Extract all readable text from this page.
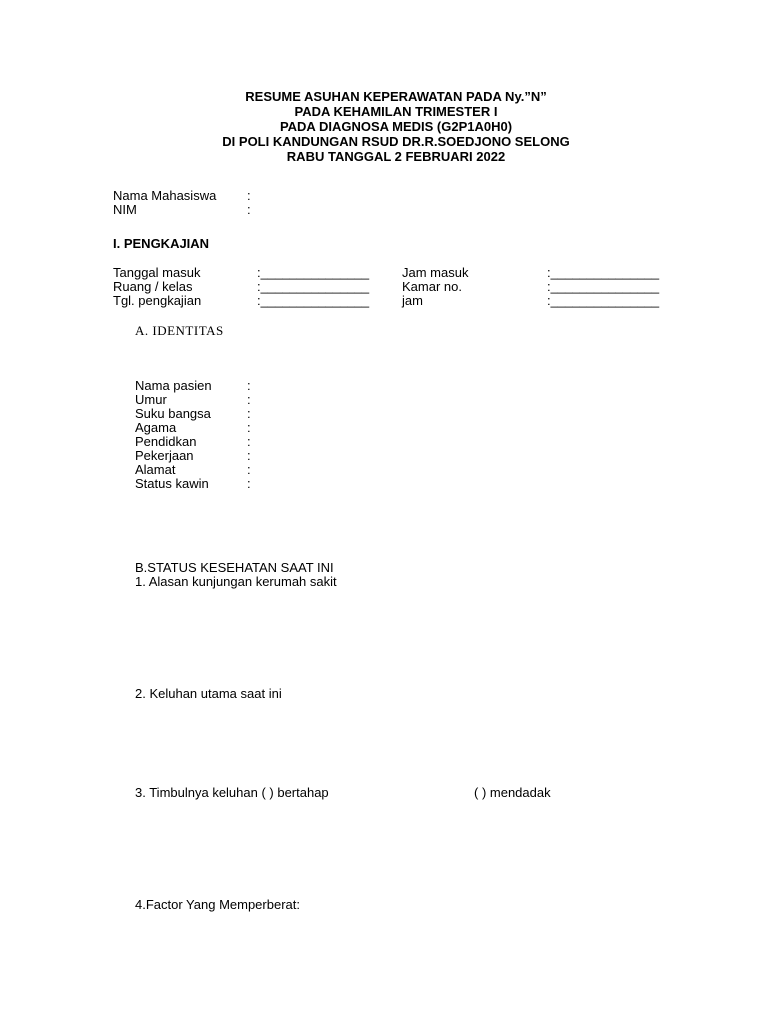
RESUME ASUHAN KEPERAWATAN PADA Ny.”N”
PADA KEHAMILAN TRIMESTER I
PADA DIAGNOSA MEDIS (G2P1A0H0)
DI POLI KANDUNGAN RSUD DR.R.SOEDJONO SELONG
RABU TANGGAL 2 FEBRUARI 2022
Nama Mahasiswa :
NIM	:
I. PENGKAJIAN
Tanggal masuk	:_______________	Jam masuk	:_______________
Ruang / kelas	:_______________	Kamar no.	:_______________
Tgl. pengkajian	:_______________	jam	:_______________
A. IDENTITAS
Nama pasien	:
Umur	:
Suku bangsa	:
Agama	:
Pendidkan	:
Pekerjaan	:
Alamat	:
Status kawin	:
B.STATUS KESEHATAN SAAT INI
1. Alasan kunjungan kerumah sakit
2. Keluhan utama saat ini
3. Timbulnya keluhan ( ) bertahap	( ) mendadak
4.Factor Yang Memperberat:
